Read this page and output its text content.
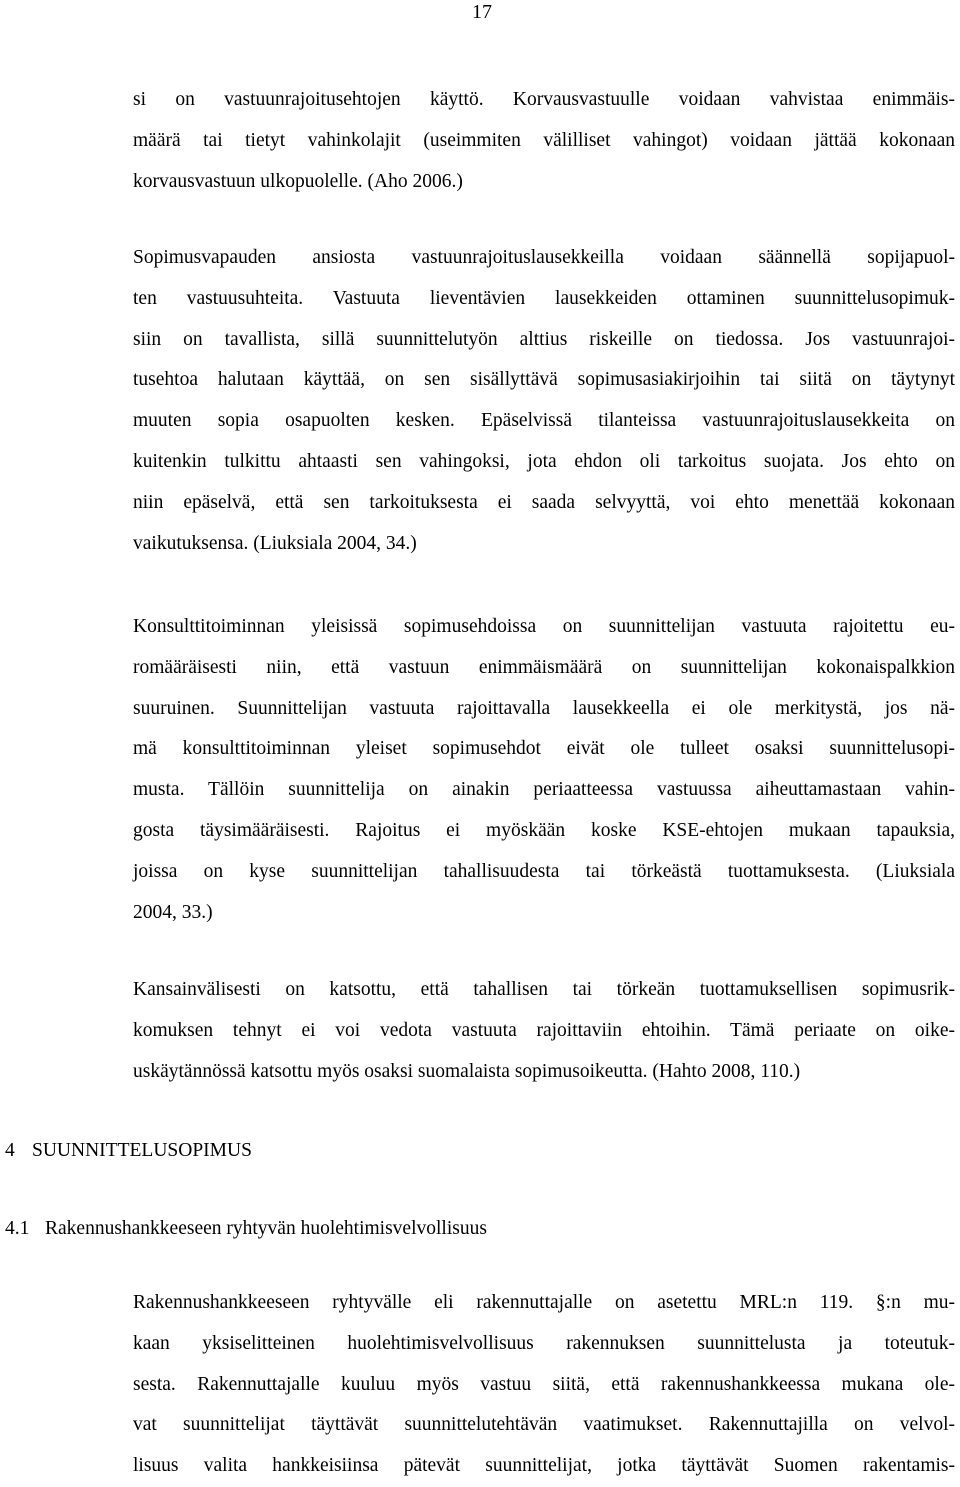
17
si on vastuunrajoitusehtojen käyttö. Korvausvastuulle voidaan vahvistaa enimmäis-
määrä tai tietyt vahinkolajit (useimmiten välilliset vahingot) voidaan jättää kokonaan
korvausvastuun ulkopuolelle. (Aho 2006.)
Sopimusvapauden ansiosta vastuunrajoituslausekkeilla voidaan säännellä sopijapuol-
ten vastuusuhteita. Vastuuta lieventävien lausekkeiden ottaminen suunnittelusopimuk-
siin on tavallista, sillä suunnittelutyön alttius riskeille on tiedossa. Jos vastuunrajoi-
tusehtoa halutaan käyttää, on sen sisällyttävä sopimusasiakirjoihin tai siitä on täytynyt
muuten sopia osapuolten kesken. Epäselvissä tilanteissa vastuunrajoituslausekkeita on
kuitenkin tulkittu ahtaasti sen vahingoksi, jota ehdon oli tarkoitus suojata. Jos ehto on
niin epäselvä, että sen tarkoituksesta ei saada selvyyttä, voi ehto menettää kokonaan
vaikutuksensa. (Liuksiala 2004, 34.)
Konsulttitoiminnan yleisissä sopimusehdoissa on suunnittelijan vastuuta rajoitettu eu-
romääräisesti niin, että vastuun enimmäismäärä on suunnittelijan kokonaispalkkion
suuruinen. Suunnittelijan vastuuta rajoittavalla lausekkeella ei ole merkitystä, jos nä-
mä konsulttitoiminnan yleiset sopimusehdot eivät ole tulleet osaksi suunnittelusopi-
musta. Tällöin suunnittelija on ainakin periaatteessa vastuussa aiheuttamastaan vahin-
gosta täysimääräisesti. Rajoitus ei myöskään koske KSE-ehtojen mukaan tapauksia,
joissa on kyse suunnittelijan tahallisuudesta tai törkeästä tuottamuksesta. (Liuksiala
2004, 33.)
Kansainvälisesti on katsottu, että tahallisen tai törkeän tuottamuksellisen sopimusrik-
komuksen tehnyt ei voi vedota vastuuta rajoittaviin ehtoihin. Tämä periaate on oike-
uskäytännössä katsottu myös osaksi suomalaista sopimusoikeutta. (Hahto 2008, 110.)
4 SUUNNITTELUSOPIMUS
4.1 Rakennushankkeeseen ryhtyvän huolehtimisvelvollisuus
Rakennushankkeeseen ryhtyvälle eli rakennuttajalle on asetettu MRL:n 119. §:n mu-
kaan yksiselitteinen huolehtimisvelvollisuus rakennuksen suunnittelusta ja toteutuk-
sesta. Rakennuttajalle kuuluu myös vastuu siitä, että rakennushankkeessa mukana ole-
vat suunnittelijat täyttävät suunnittelutehtävän vaatimukset. Rakennuttajilla on velvol-
lisuus valita hankkeisiinsa pätevät suunnittelijat, jotka täyttävät Suomen rakentamis-
